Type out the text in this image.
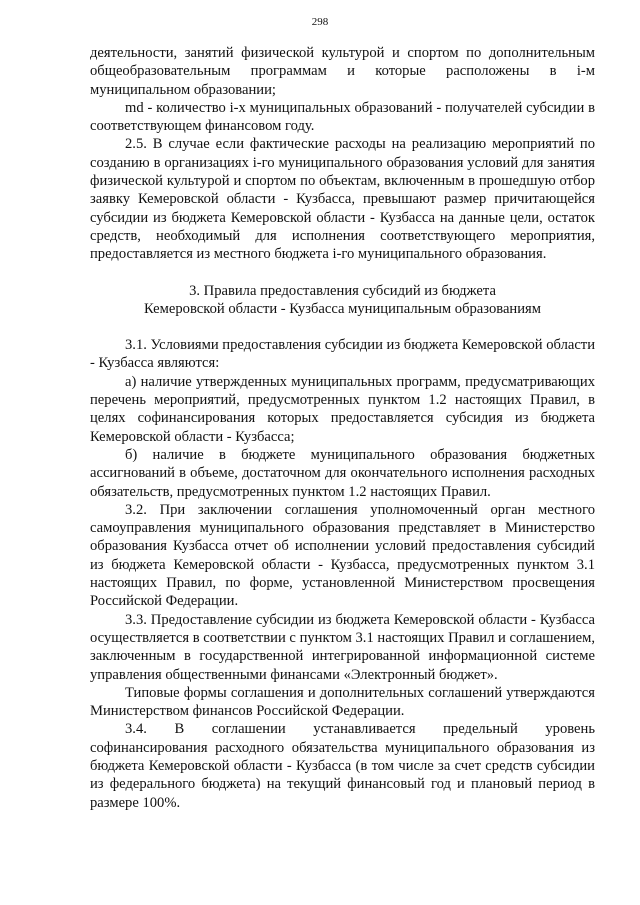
298

деятельности, занятий физической культурой и спортом по дополнительным общеобразовательным программам и которые расположены в i-м муниципальном образовании;

md - количество i-х муниципальных образований - получателей субсидии в соответствующем финансовом году.

2.5. В случае если фактические расходы на реализацию мероприятий по созданию в организациях i-го муниципального образования условий для занятия физической культурой и спортом по объектам, включенным в прошедшую отбор заявку Кемеровской области - Кузбасса, превышают размер причитающейся субсидии из бюджета Кемеровской области - Кузбасса на данные цели, остаток средств, необходимый для исполнения соответствующего мероприятия, предоставляется из местного бюджета i-го муниципального образования.

3. Правила предоставления субсидий из бюджета
Кемеровской области - Кузбасса муниципальным образованиям

3.1. Условиями предоставления субсидии из бюджета Кемеровской области - Кузбасса являются:

а) наличие утвержденных муниципальных программ, предусматривающих перечень мероприятий, предусмотренных пунктом 1.2 настоящих Правил, в целях софинансирования которых предоставляется субсидия из бюджета Кемеровской области - Кузбасса;

б) наличие в бюджете муниципального образования бюджетных ассигнований в объеме, достаточном для окончательного исполнения расходных обязательств, предусмотренных пунктом 1.2 настоящих Правил.

3.2. При заключении соглашения уполномоченный орган местного самоуправления муниципального образования представляет в Министерство образования Кузбасса отчет об исполнении условий предоставления субсидий из бюджета Кемеровской области - Кузбасса, предусмотренных пунктом 3.1 настоящих Правил, по форме, установленной Министерством просвещения Российской Федерации.

3.3. Предоставление субсидии из бюджета Кемеровской области - Кузбасса осуществляется в соответствии с пунктом 3.1 настоящих Правил и соглашением, заключенным в государственной интегрированной информационной системе управления общественными финансами «Электронный бюджет».

Типовые формы соглашения и дополнительных соглашений утверждаются Министерством финансов Российской Федерации.

3.4. В соглашении устанавливается предельный уровень софинансирования расходного обязательства муниципального образования из бюджета Кемеровской области - Кузбасса (в том числе за счет средств субсидии из федерального бюджета) на текущий финансовый год и плановый период в размере 100%.
